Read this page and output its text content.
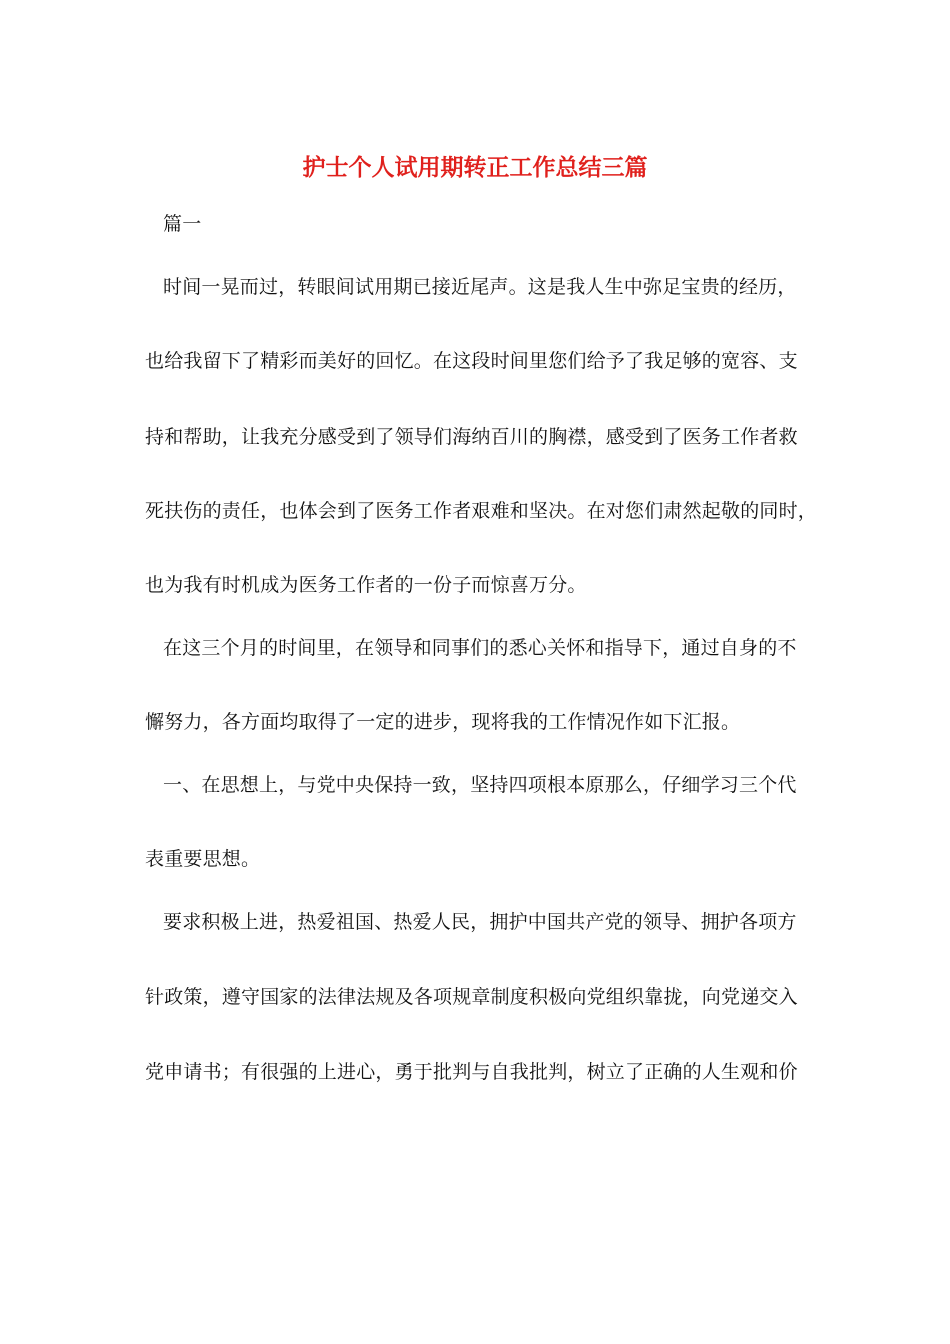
护士个人试用期转正工作总结三篇
篇一
时间一晃而过，转眼间试用期已接近尾声。这是我人生中弥足宝贵的经历，
也给我留下了精彩而美好的回忆。在这段时间里您们给予了我足够的宽容、支
持和帮助，让我充分感受到了领导们海纳百川的胸襟，感受到了医务工作者救
死扶伤的责任，也体会到了医务工作者艰难和坚决。在对您们肃然起敬的同时，
也为我有时机成为医务工作者的一份子而惊喜万分。
在这三个月的时间里，在领导和同事们的悉心关怀和指导下，通过自身的不
懈努力，各方面均取得了一定的进步，现将我的工作情况作如下汇报。
一、在思想上，与党中央保持一致，坚持四项根本原那么，仔细学习三个代
表重要思想。
要求积极上进，热爱祖国、热爱人民，拥护中国共产党的领导、拥护各项方
针政策，遵守国家的法律法规及各项规章制度积极向党组织靠拢，向党递交入
党申请书；有很强的上进心，勇于批判与自我批判，树立了正确的人生观和价
